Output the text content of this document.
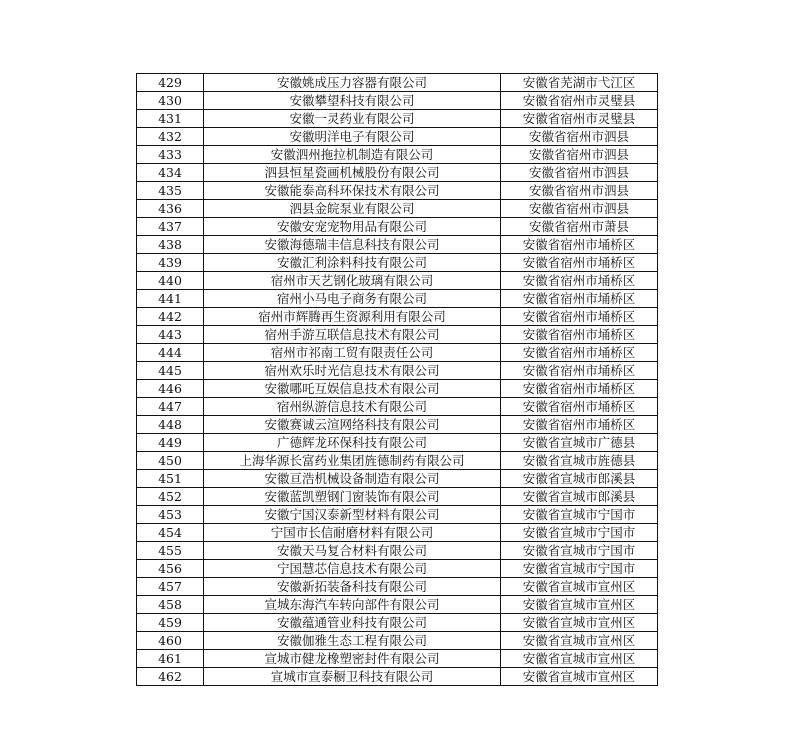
429	安徽姚成压力容器有限公司	安徽省芜湖市弋江区
430	安徽攀望科技有限公司	安徽省宿州市灵璧县
431	安徽一灵药业有限公司	安徽省宿州市灵璧县
432	安徽明洋电子有限公司	安徽省宿州市泗县
433	安徽泗州拖拉机制造有限公司	安徽省宿州市泗县
434	泗县恒星瓷画机械股份有限公司	安徽省宿州市泗县
435	安徽能泰高科环保技术有限公司	安徽省宿州市泗县
436	泗县金皖泵业有限公司	安徽省宿州市泗县
437	安徽安宠宠物用品有限公司	安徽省宿州市萧县
438	安徽海德瑞丰信息科技有限公司	安徽省宿州市埇桥区
439	安徽汇利涂料科技有限公司	安徽省宿州市埇桥区
440	宿州市天艺钢化玻璃有限公司	安徽省宿州市埇桥区
441	宿州小马电子商务有限公司	安徽省宿州市埇桥区
442	宿州市辉腾再生资源利用有限公司	安徽省宿州市埇桥区
443	宿州手游互联信息技术有限公司	安徽省宿州市埇桥区
444	宿州市祁南工贸有限责任公司	安徽省宿州市埇桥区
445	宿州欢乐时光信息技术有限公司	安徽省宿州市埇桥区
446	安徽哪吒互娱信息技术有限公司	安徽省宿州市埇桥区
447	宿州纵游信息技术有限公司	安徽省宿州市埇桥区
448	安徽赛诚云渲网络科技有限公司	安徽省宿州市埇桥区
449	广德辉龙环保科技有限公司	安徽省宣城市广德县
450	上海华源长富药业集团旌德制药有限公司	安徽省宣城市旌德县
451	安徽亘浩机械设备制造有限公司	安徽省宣城市郎溪县
452	安徽蓝凯塑钢门窗装饰有限公司	安徽省宣城市郎溪县
453	安徽宁国汉泰新型材料有限公司	安徽省宣城市宁国市
454	宁国市长信耐磨材料有限公司	安徽省宣城市宁国市
455	安徽天马复合材料有限公司	安徽省宣城市宁国市
456	宁国慧芯信息技术有限公司	安徽省宣城市宁国市
457	安徽新拓装备科技有限公司	安徽省宣城市宣州区
458	宣城东海汽车转向部件有限公司	安徽省宣城市宣州区
459	安徽蕴通管业科技有限公司	安徽省宣城市宣州区
460	安徽伽雅生态工程有限公司	安徽省宣城市宣州区
461	宣城市健龙橡塑密封件有限公司	安徽省宣城市宣州区
462	宣城市宣泰橱卫科技有限公司	安徽省宣城市宣州区
